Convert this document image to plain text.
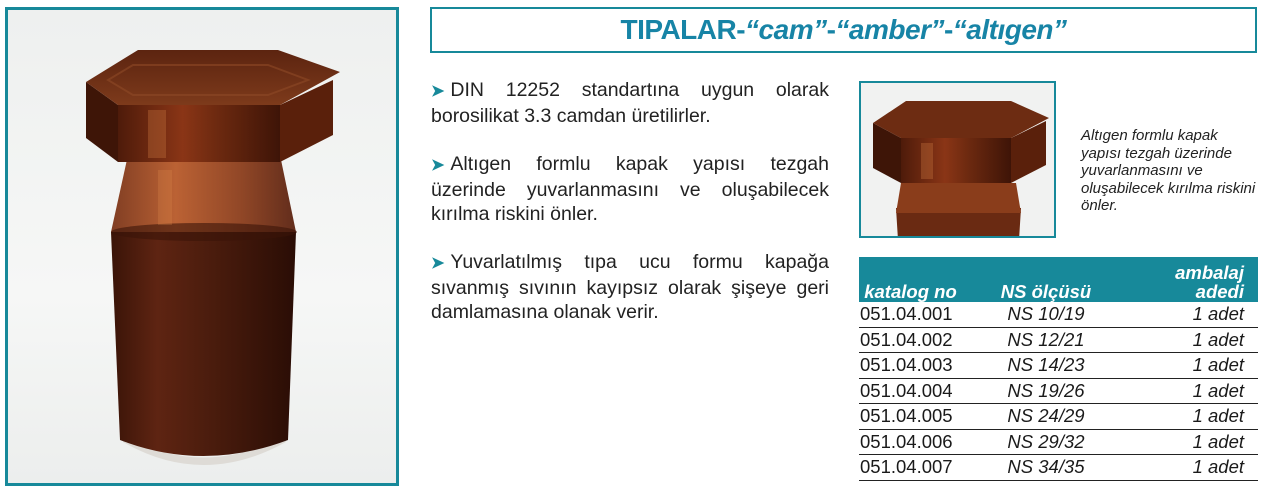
TIPALAR - “cam” - “amber” - “altıgen”
➤ DIN 12252 standartına uygun olarak borosilikat 3.3 camdan üretilirler.
➤ Altıgen formlu kapak yapısı tezgah üzerinde yuvarlanmasını ve oluşabilecek kırılma riskini önler.
➤ Yuvarlatılmış tıpa ucu formu kapağa sıvanmış sıvının kayıpsız olarak şişeye geri damlamasına olanak verir.
Altıgen formlu kapak yapısı tezgah üzerinde yuvarlanmasını ve oluşabilecek kırılma riskini önler.
katalog no	NS ölçüsü	ambalaj adedi
051.04.001	NS 10/19	1 adet
051.04.002	NS 12/21	1 adet
051.04.003	NS 14/23	1 adet
051.04.004	NS 19/26	1 adet
051.04.005	NS 24/29	1 adet
051.04.006	NS 29/32	1 adet
051.04.007	NS 34/35	1 adet
